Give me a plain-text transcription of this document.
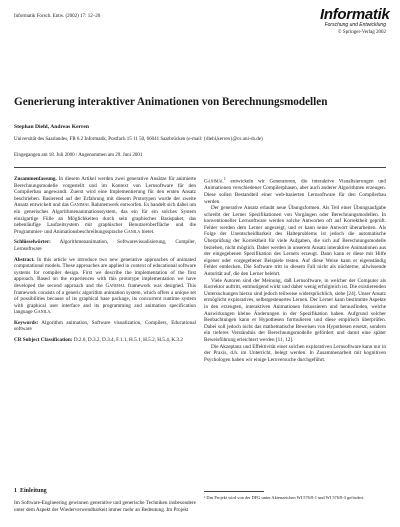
Informatik Forsch. Entw. (2002) 17: 12–20	Informatik
Forschung und Entwicklung
© Springer-Verlag 2002
Generierung interaktiver Animationen von Berechnungsmodellen
Stephan Diehl, Andreas Kerren
Universität des Saarlandes, FR 6.2 Informatik, Postfach 15 11 50, 66041 Saarbrücken (e-mail: {diehl,kerren}@cs.uni-sb.de)
Eingegangen am 18. Juli 2000 / Angenommen am 29. Juni 2001

Zusammenfassung. In diesem Artikel werden zwei generative Ansätze für animierte Berechnungsmodelle vorgestellt und im Kontext von Lernsoftware für den Compilerbau angewandt. Zuerst wird eine Implementierung für den ersten Ansatz beschrieben. Basierend auf der Erfahrung mit diesem Prototypen wurde der zweite Ansatz entwickelt und das Ganimal Rahmenwerk entworfen. Es handelt sich dabei um ein generisches Algorithmenanimationssystem, das ein für ein solches System einzigartige Fülle an Möglichkeiten durch sein graphisches Basispaket, das nebenläufige Laufzeitsystem mit graphischer Benutzeroberfläche und die Programmier- und Animationsbeschreibungssprache Ganila bietet.

Schlüsselwörter: Algorithmenanimation, Softwarevisualisierung, Compiler, Lernsoftware

Abstract. In this article we introduce two new generative approaches of animated computational models. These approaches are applied in context of educational software systems for compiler design. First we describe the implementation of the first approach. Based on the experiences with this prototype implementation we have developed the second approach and the Ganimal framework was designed. This framework consists of a generic algorithm animation system, which offers a unique set of possibilities because of its graphical base package, its concurrent runtime system with graphical user interface and its programming and animation specification language Ganila.

Keywords: Algorithm animation, Software visualization, Compilers, Educational software

CR Subject Classification: D.2.6, D.3.2, D.3.4, F.1.1, H.5.1, H.5.2, H.5.4, K.3.2

1 Einleitung
Im Software-Engineering gewinnen generative und generische Techniken insbesondere unter dem Aspekt der Wiederverwendbarkeit immer mehr an Bedeutung. Im Projekt

Ganimal$^1$ entwickeln wir Generatoren, die interaktive Visualisierungen und Animationen verschiedener Compilerphasen, aber auch anderer Algorithmen erzeugen. Diese sollen Bestandteil einer web-basierten Lernsoftware für den Compilerbau werden.

Der generative Ansatz erlaubt neue Übungsformen. Als Teil einer Übungsaufgabe schreibt der Lerner Spezifikationen von Vorgängen oder Berechnungsmodellen. In konventioneller Lernsoftware werden solche Antworten oft auf Korrektheit geprüft. Fehler werden dem Lerner angezeigt, und er kann seine Antwort überarbeiten. Als Folge der Unentscheidbarkeit des Halteproblems ist jedoch die automatische Überprüfung der Korrektheit für viele Aufgaben, die sich auf Berechnungsmodelle beziehen, nicht möglich. Daher werden in unserem Ansatz interaktive Animationen aus der eingegebenen Spezifikation des Lerners erzeugt. Dann kann er diese mit Hilfe eigener oder vorgegebener Beispiele testen. Auf diese Weise kann er eigenständig Fehler entdecken. Die Software tritt in diesem Fall nicht als nüchterne, allwissende Autorität auf, die den Lerner belehrt.

Viele Autoren sind der Meinung, daß Lernsoftware, in welcher der Computer als Korrektor auftritt, entmutigend wirkt und daher wenig erfolgreich ist. Die existierenden Untersuchungen hierzu sind jedoch teilweise widersprüchlich, siehe [24]. Unser Ansatz ermöglicht exploratives, selbstgesteuertes Lernen. Der Lerner kann bestimmte Aspekte in den erzeugten, interaktiven Animationen fokussieren und herausfinden, welche Auswirkungen kleine Änderungen in der Spezifikation haben. Aufgrund solcher Beobachtungen kann er Hypothesen formulieren und diese empirisch überprüfen. Dabei soll jedoch nicht das mathematische Beweisen von Hypothesen ersetzt, sondern ein tieferes Verständnis der Berechnungsmodelle gefördert und damit eine später Beweisführung erleichtert werden [11, 12].

Die Akzeptanz und Effektivität einer solchen explorativen Lernsoftware kann nur in der Praxis, d.h. im Unterricht, belegt werden. In Zusammenarbeit mit kognitiven Psychologen haben wir einige Lernversuche durchgeführt.

¹ Das Projekt wird von der DFG unter Aktenzeichen WI 576/8-1 und WI 576/8-3 gefördert.
